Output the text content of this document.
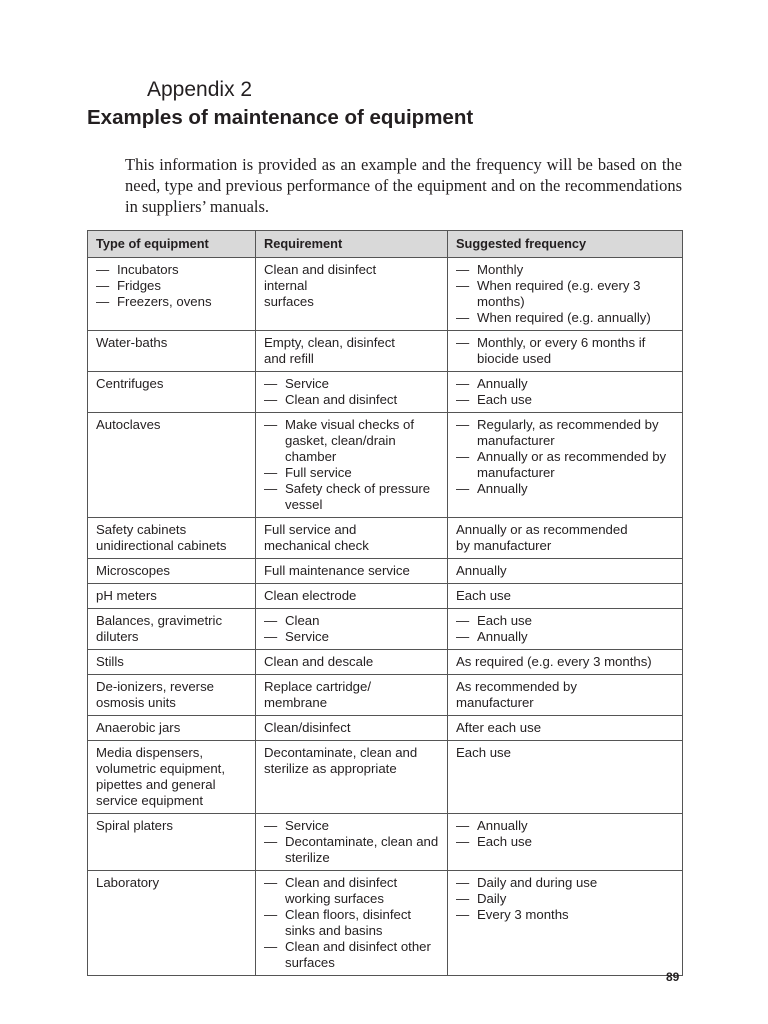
Appendix 2
Examples of maintenance of equipment

This information is provided as an example and the frequency will be based on the need, type and previous performance of the equipment and on the recommendations in suppliers’ manuals.

Type of equipment	Requirement	Suggested frequency

— Incubators
— Fridges
— Freezers, ovens	Clean and disinfect
internal
surfaces	— Monthly
— When required (e.g. every 3 months)
— When required (e.g. annually)

Water-baths	Empty, clean, disinfect
and refill	— Monthly, or every 6 months if biocide used

Centrifuges	— Service
— Clean and disinfect	— Annually
— Each use

Autoclaves	— Make visual checks of gasket, clean/drain chamber
— Full service
— Safety check of pressure vessel	— Regularly, as recommended by manufacturer
— Annually or as recommended by manufacturer
— Annually

Safety cabinets
unidirectional cabinets	Full service and
mechanical check	Annually or as recommended
by manufacturer

Microscopes	Full maintenance service	Annually

pH meters	Clean electrode	Each use

Balances, gravimetric
diluters	— Clean
— Service	— Each use
— Annually

Stills	Clean and descale	As required (e.g. every 3 months)

De-ionizers, reverse
osmosis units	Replace cartridge/
membrane	As recommended by
manufacturer

Anaerobic jars	Clean/disinfect	After each use

Media dispensers,
volumetric equipment,
pipettes and general
service equipment	Decontaminate, clean and
sterilize as appropriate	Each use

Spiral platers	— Service
— Decontaminate, clean and sterilize	— Annually
— Each use

Laboratory	— Clean and disinfect working surfaces
— Clean floors, disinfect sinks and basins
— Clean and disinfect other surfaces	— Daily and during use
— Daily
— Every 3 months
89
